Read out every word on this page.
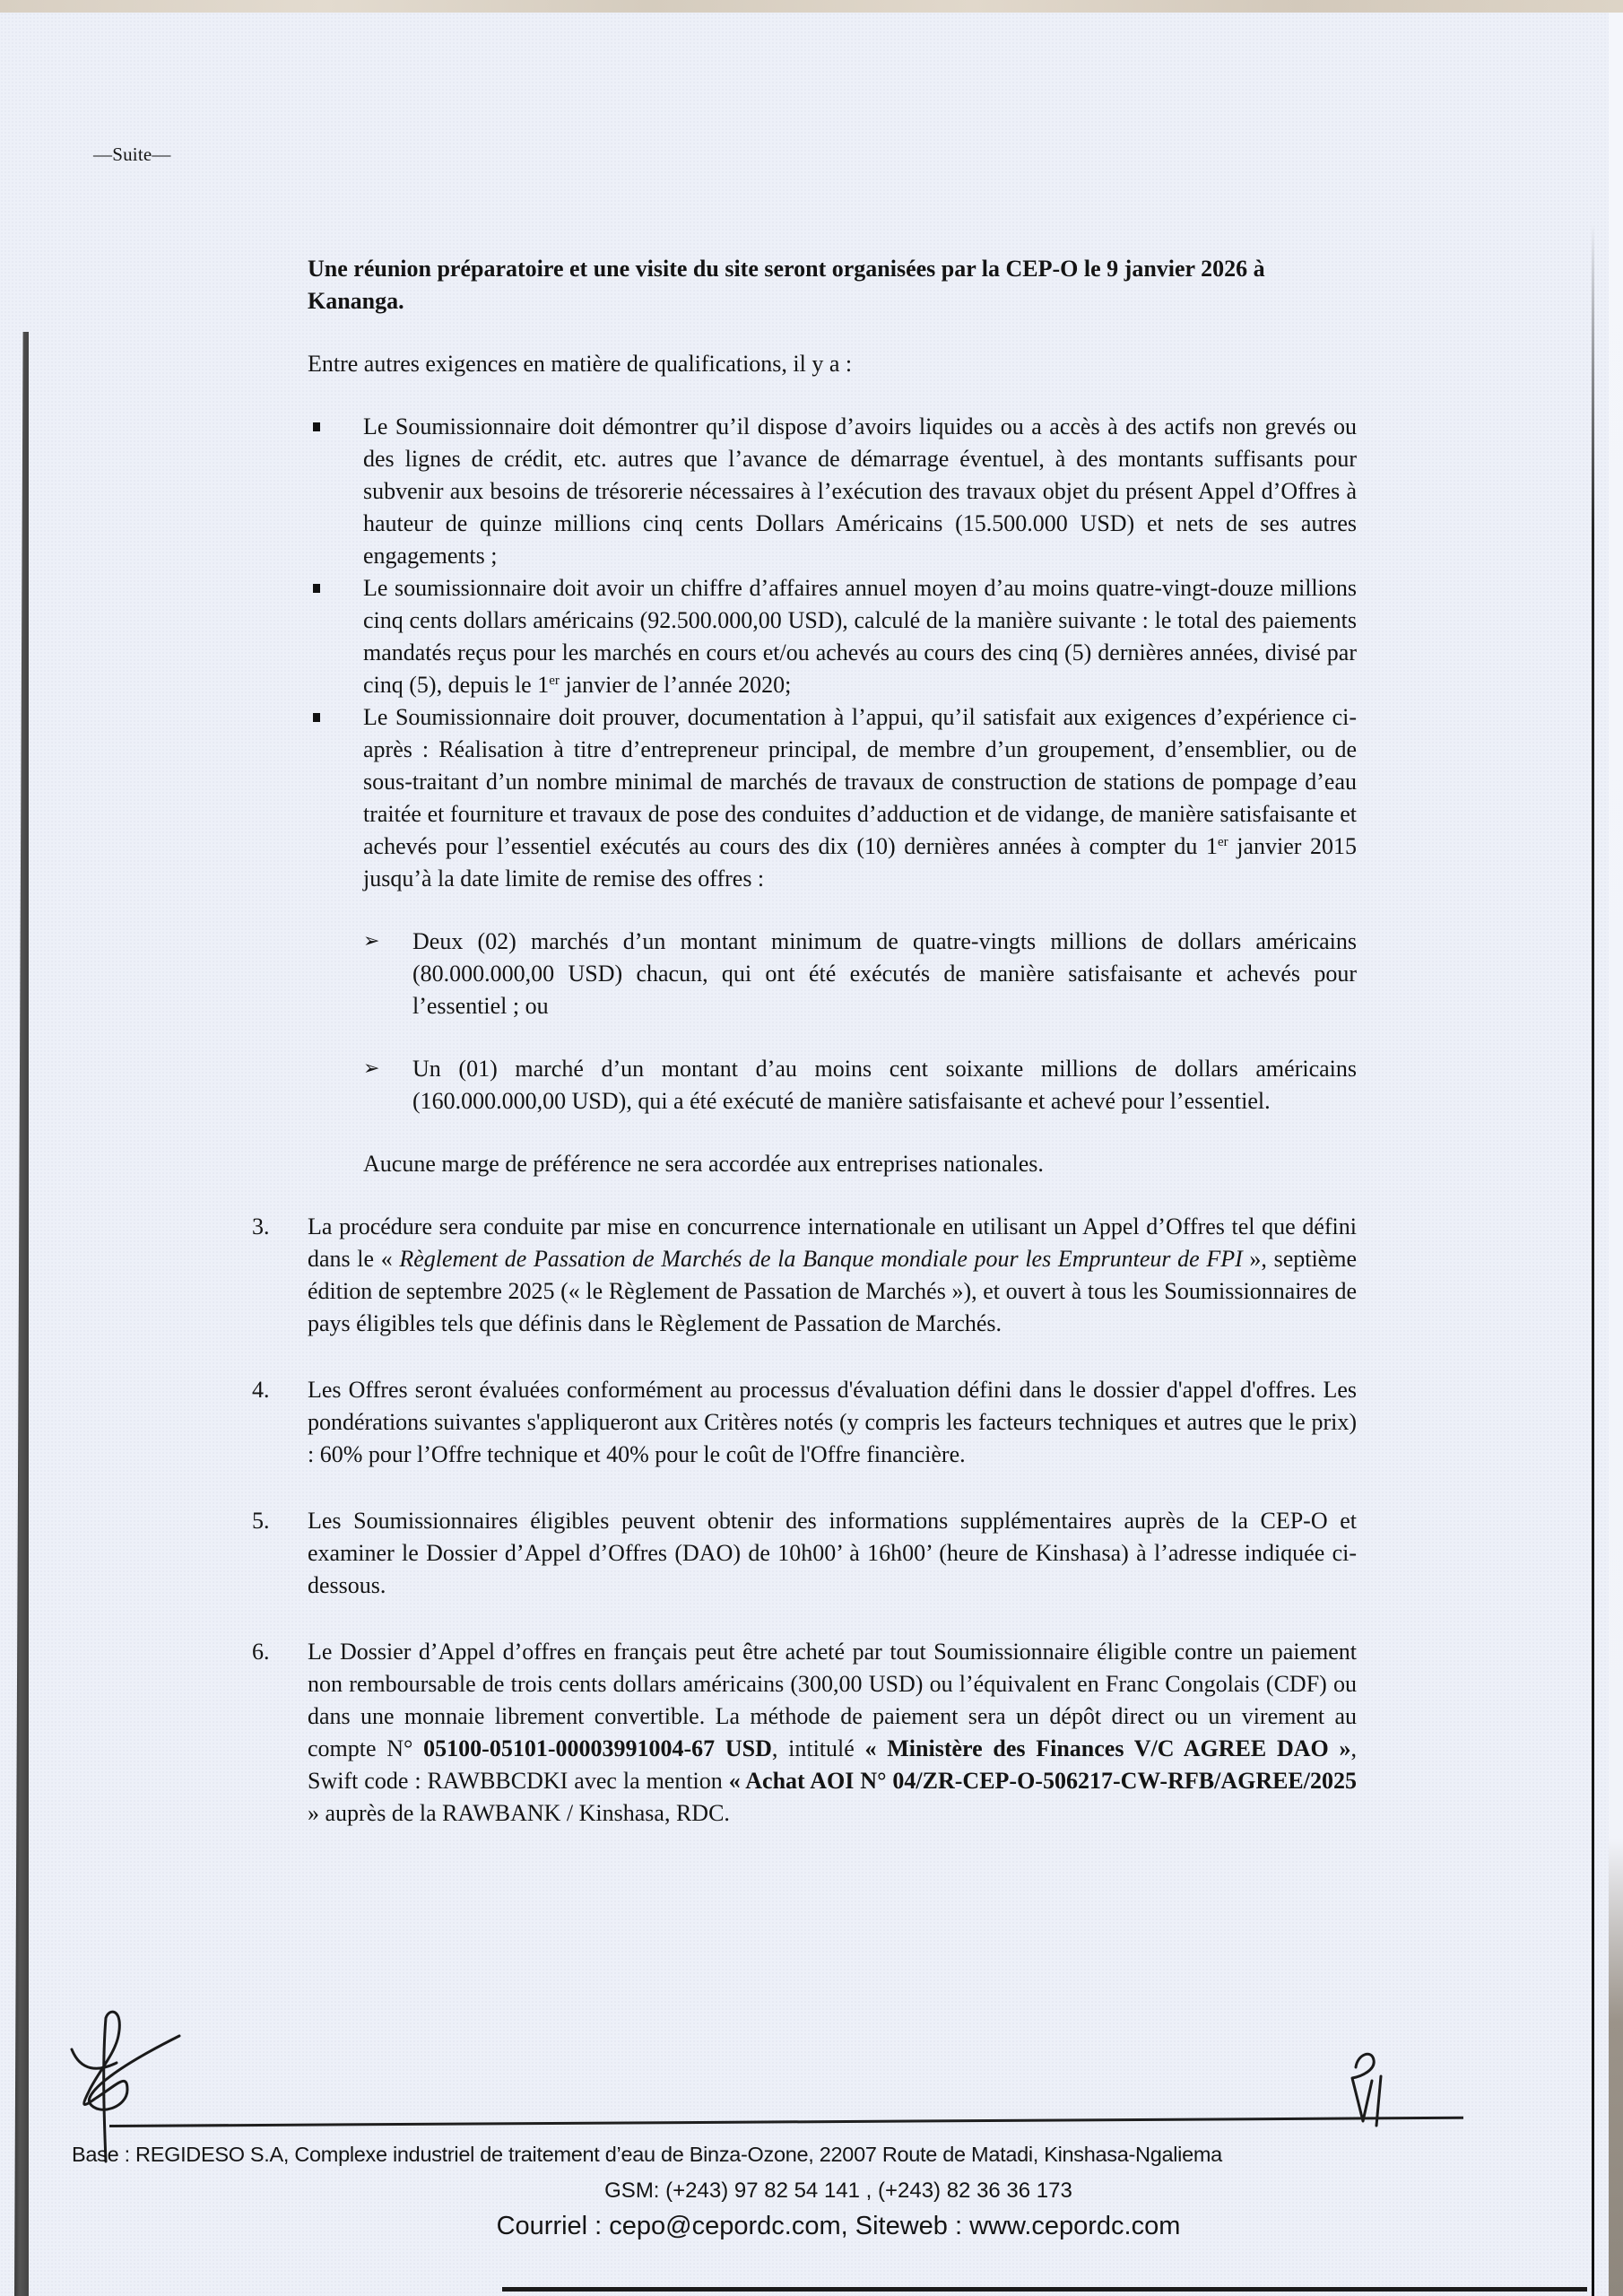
—Suite—

Une réunion préparatoire et une visite du site seront organisées par la CEP-O le 9 janvier 2026 à Kananga.

Entre autres exigences en matière de qualifications, il y a :

Le Soumissionnaire doit démontrer qu’il dispose d’avoirs liquides ou a accès à des actifs non grevés ou des lignes de crédit, etc. autres que l’avance de démarrage éventuel, à des montants suffisants pour subvenir aux besoins de trésorerie nécessaires à l’exécution des travaux objet du présent Appel d’Offres à hauteur de quinze millions cinq cents Dollars Américains (15.500.000 USD) et nets de ses autres engagements ;
Le soumissionnaire doit avoir un chiffre d’affaires annuel moyen d’au moins quatre-vingt-douze millions cinq cents dollars américains (92.500.000,00 USD), calculé de la manière suivante : le total des paiements mandatés reçus pour les marchés en cours et/ou achevés au cours des cinq (5) dernières années, divisé par cinq (5), depuis le 1er janvier de l’année 2020;
Le Soumissionnaire doit prouver, documentation à l’appui, qu’il satisfait aux exigences d’expérience ci-après : Réalisation à titre d’entrepreneur principal, de membre d’un groupement, d’ensemblier, ou de sous-traitant d’un nombre minimal de marchés de travaux de construction de stations de pompage d’eau traitée et fourniture et travaux de pose des conduites d’adduction et de vidange, de manière satisfaisante et achevés pour l’essentiel exécutés au cours des dix (10) dernières années à compter du 1er janvier 2015 jusqu’à la date limite de remise des offres :
➢ Deux (02) marchés d’un montant minimum de quatre-vingts millions de dollars américains (80.000.000,00 USD) chacun, qui ont été exécutés de manière satisfaisante et achevés pour l’essentiel ; ou
➢ Un (01) marché d’un montant d’au moins cent soixante millions de dollars américains (160.000.000,00 USD), qui a été exécuté de manière satisfaisante et achevé pour l’essentiel.

Aucune marge de préférence ne sera accordée aux entreprises nationales.

3. La procédure sera conduite par mise en concurrence internationale en utilisant un Appel d’Offres tel que défini dans le « Règlement de Passation de Marchés de la Banque mondiale pour les Emprunteur de FPI », septième édition de septembre 2025 (« le Règlement de Passation de Marchés »), et ouvert à tous les Soumissionnaires de pays éligibles tels que définis dans le Règlement de Passation de Marchés.
4. Les Offres seront évaluées conformément au processus d'évaluation défini dans le dossier d'appel d'offres. Les pondérations suivantes s'appliqueront aux Critères notés (y compris les facteurs techniques et autres que le prix) : 60% pour l’Offre technique et 40% pour le coût de l'Offre financière.
5. Les Soumissionnaires éligibles peuvent obtenir des informations supplémentaires auprès de la CEP-O et examiner le Dossier d’Appel d’Offres (DAO) de 10h00’ à 16h00’ (heure de Kinshasa) à l’adresse indiquée ci-dessous.
6. Le Dossier d’Appel d’offres en français peut être acheté par tout Soumissionnaire éligible contre un paiement non remboursable de trois cents dollars américains (300,00 USD) ou l’équivalent en Franc Congolais (CDF) ou dans une monnaie librement convertible. La méthode de paiement sera un dépôt direct ou un virement au compte N° 05100-05101-00003991004-67 USD, intitulé « Ministère des Finances V/C AGREE DAO », Swift code : RAWBBCDKI avec la mention « Achat AOI N° 04/ZR-CEP-O-506217-CW-RFB/AGREE/2025 » auprès de la RAWBANK / Kinshasa, RDC.
Base : REGIDESO S.A, Complexe industriel de traitement d’eau de Binza-Ozone, 22007 Route de Matadi, Kinshasa-Ngaliema
GSM: (+243) 97 82 54 141 , (+243) 82 36 36 173
Courriel : cepo@cepordc.com, Siteweb : www.cepordc.com
